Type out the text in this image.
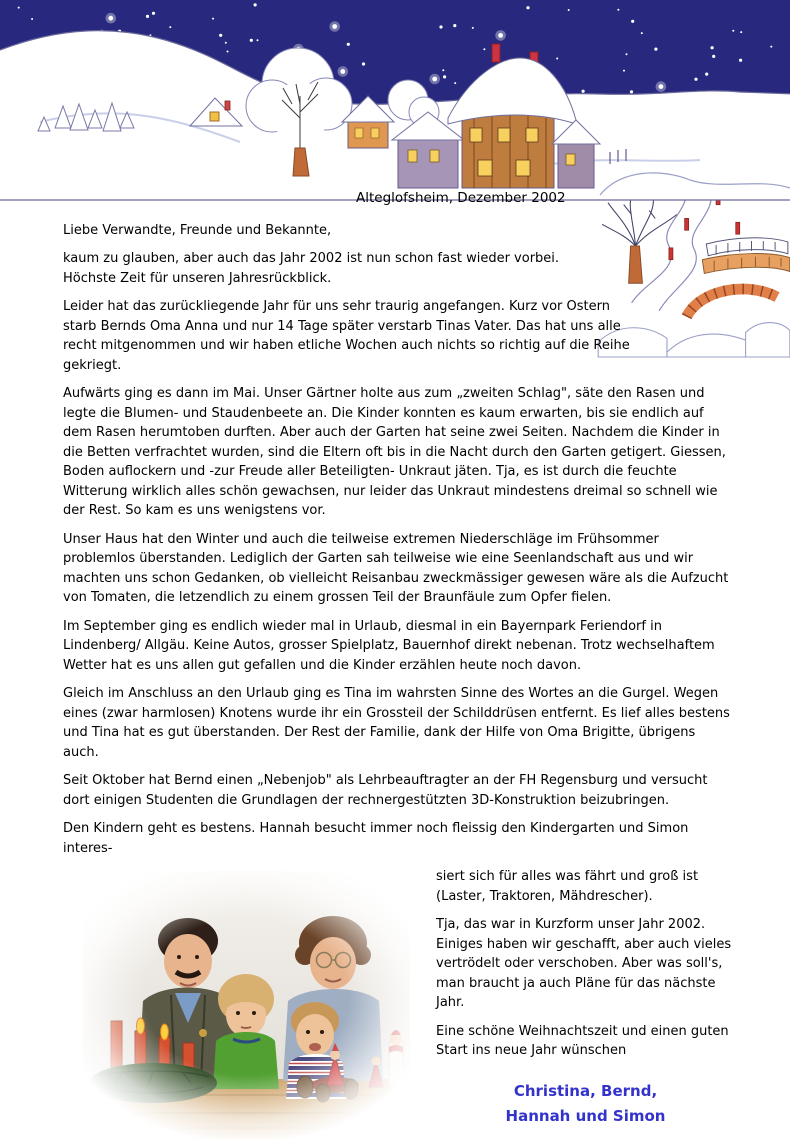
Alteglofsheim, Dezember 2002

Liebe Verwandte, Freunde und Bekannte,

kaum zu glauben, aber auch das Jahr 2002 ist nun schon fast wieder vorbei. Höchste Zeit für unseren Jahresrückblick.

Leider hat das zurückliegende Jahr für uns sehr traurig angefangen. Kurz vor Ostern starb Bernds Oma Anna und nur 14 Tage später verstarb Tinas Vater. Das hat uns alle recht mitgenommen und wir haben etliche Wochen auch nichts so richtig auf die Reihe gekriegt.

Aufwärts ging es dann im Mai. Unser Gärtner holte aus zum „zweiten Schlag", säte den Rasen und legte die Blumen- und Staudenbeete an. Die Kinder konnten es kaum erwarten, bis sie endlich auf dem Rasen herumtoben durften. Aber auch der Garten hat seine zwei Seiten. Nachdem die Kinder in die Betten verfrachtet wurden, sind die Eltern oft bis in die Nacht durch den Garten getigert. Giessen, Boden auflockern und -zur Freude aller Beteiligten- Unkraut jäten. Tja, es ist durch die feuchte Witterung wirklich alles schön gewachsen, nur leider das Unkraut mindestens dreimal so schnell wie der Rest. So kam es uns wenigstens vor.

Unser Haus hat den Winter und auch die teilweise extremen Niederschläge im Frühsommer problemlos überstanden. Lediglich der Garten sah teilweise wie eine Seenlandschaft aus und wir machten uns schon Gedanken, ob vielleicht Reisanbau zweckmässiger gewesen wäre als die Aufzucht von Tomaten, die letzendlich zu einem grossen Teil der Braunfäule zum Opfer fielen.

Im September ging es endlich wieder mal in Urlaub, diesmal in ein Bayernpark Feriendorf in Lindenberg/ Allgäu. Keine Autos, grosser Spielplatz, Bauernhof direkt nebenan. Trotz wechselhaftem Wetter hat es uns allen gut gefallen und die Kinder erzählen heute noch davon.

Gleich im Anschluss an den Urlaub ging es Tina im wahrsten Sinne des Wortes an die Gurgel. Wegen eines (zwar harmlosen) Knotens wurde ihr ein Grossteil der Schilddrüsen entfernt. Es lief alles bestens und Tina hat es gut überstanden. Der Rest der Familie, dank der Hilfe von Oma Brigitte, übrigens auch.

Seit Oktober hat Bernd einen „Nebenjob" als Lehrbeauftragter an der FH Regensburg und versucht dort einigen Studenten die Grundlagen der rechnergestützten 3D-Konstruktion beizubringen.

Den Kindern geht es bestens. Hannah besucht immer noch fleissig den Kindergarten und Simon interes-

siert sich für alles was fährt und groß ist (Laster, Traktoren, Mähdrescher).

Tja, das war in Kurzform unser Jahr 2002. Einiges haben wir geschafft, aber auch vieles vertrödelt oder verschoben. Aber was soll's, man braucht ja auch Pläne für das nächste Jahr.

Eine schöne Weihnachtszeit und einen guten Start ins neue Jahr wünschen

Christina, Bernd,
Hannah und Simon
